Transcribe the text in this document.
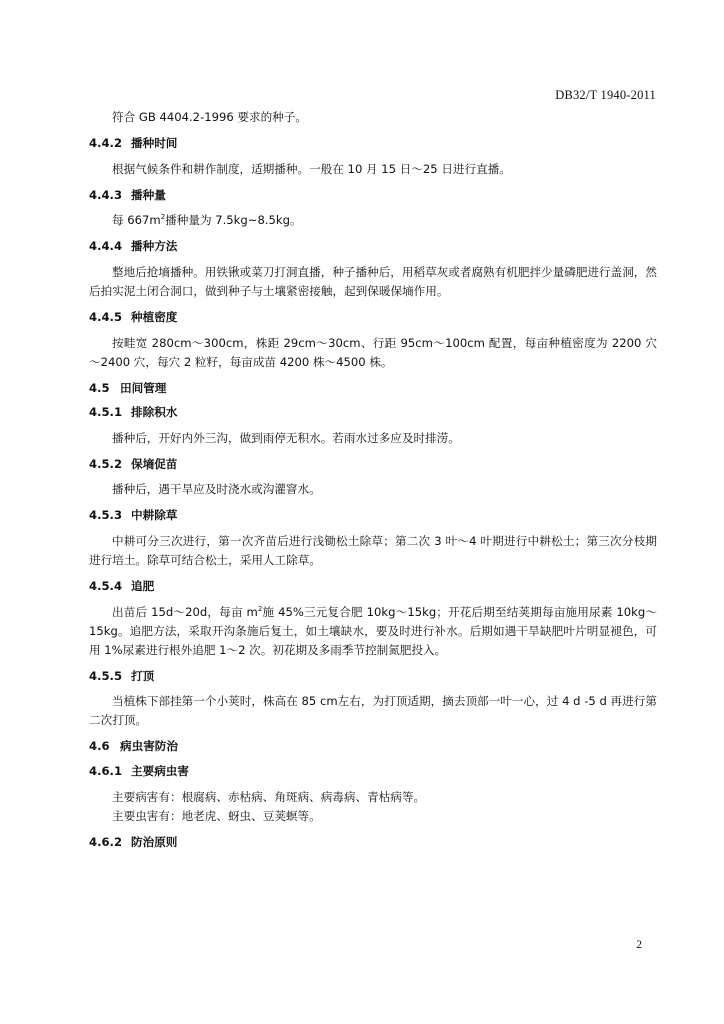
DB32/T 1940-2011

符合 GB 4404.2-1996 要求的种子。

4.4.2 播种时间

根据气候条件和耕作制度，适期播种。一般在 10 月 15 日～25 日进行直播。

4.4.3 播种量

每 $667m^2$播种量为 7.5kg~8.5kg。

4.4.4 播种方法

整地后抢墒播种。用铁锹或菜刀打洞直播，种子播种后，用稻草灰或者腐熟有机肥拌少量磷肥进行盖洞，然后拍实泥土闭合洞口，做到种子与土壤紧密接触，起到保暖保墒作用。

4.4.5 种植密度

按畦宽 280cm～300cm，株距 29cm～30cm、行距 95cm～100cm 配置，每亩种植密度为 2200 穴～2400 穴，每穴 2 粒籽，每亩成苗 4200 株～4500 株。

4.5 田间管理
4.5.1 排除积水

播种后，开好内外三沟，做到雨停无积水。若雨水过多应及时排涝。

4.5.2 保墒促苗

播种后，遇干旱应及时浇水或沟灌窨水。

4.5.3 中耕除草

中耕可分三次进行，第一次齐苗后进行浅锄松土除草；第二次 3 叶～4 叶期进行中耕松土；第三次分枝期进行培土。除草可结合松土，采用人工除草。

4.5.4 追肥

出苗后 15d～20d，每亩 $m^2$施 45%三元复合肥 10kg～15kg；开花后期至结荚期每亩施用尿素 10kg～15kg。追肥方法，采取开沟条施后复土，如土壤缺水，要及时进行补水。后期如遇干旱缺肥叶片明显褪色，可用 1%尿素进行根外追肥 1～2 次。初花期及多雨季节控制氮肥投入。

4.5.5 打顶

当植株下部挂第一个小荚时，株高在 85 cm左右，为打顶适期，摘去顶部一叶一心，过 4 d -5 d 再进行第二次打顶。

4.6 病虫害防治
4.6.1 主要病虫害

主要病害有：根腐病、赤枯病、角斑病、病毒病、青枯病等。

主要虫害有：地老虎、蚜虫、豆荚螟等。

4.6.2 防治原则
2
